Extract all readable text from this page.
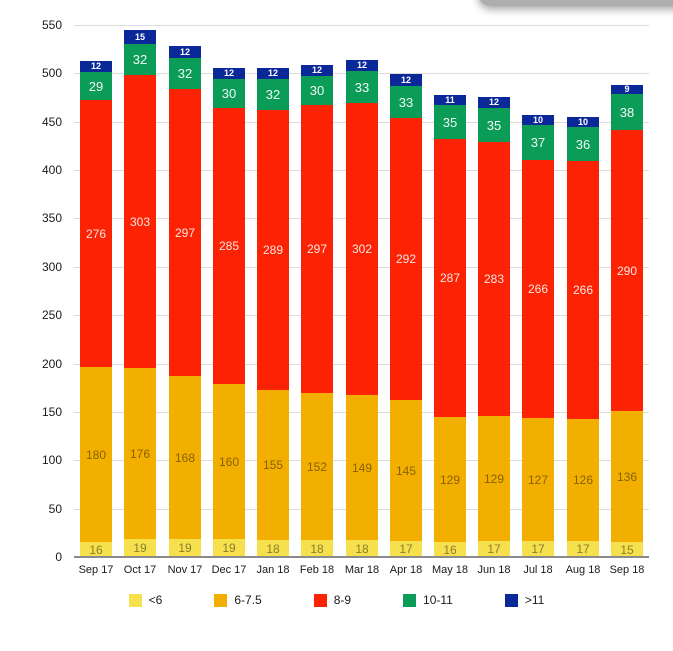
<6	6-7.5	8-9	10-11	>11
0
50
100
150
200
250
300
350
400
450
500
550
16
180
276
29
12
Sep 17
19
176
303
32
15
Oct 17
19
168
297
32
12
Nov 17
19
160
285
30
12
Dec 17
18
155
289
32
12
Jan 18
18
152
297
30
12
Feb 18
18
149
302
33
12
Mar 18
17
145
292
33
12
Apr 18
16
129
287
35
11
May 18
17
129
283
35
12
Jun 18
17
127
266
37
10
Jul 18
17
126
266
36
10
Aug 18
15
136
290
38
9
Sep 18
